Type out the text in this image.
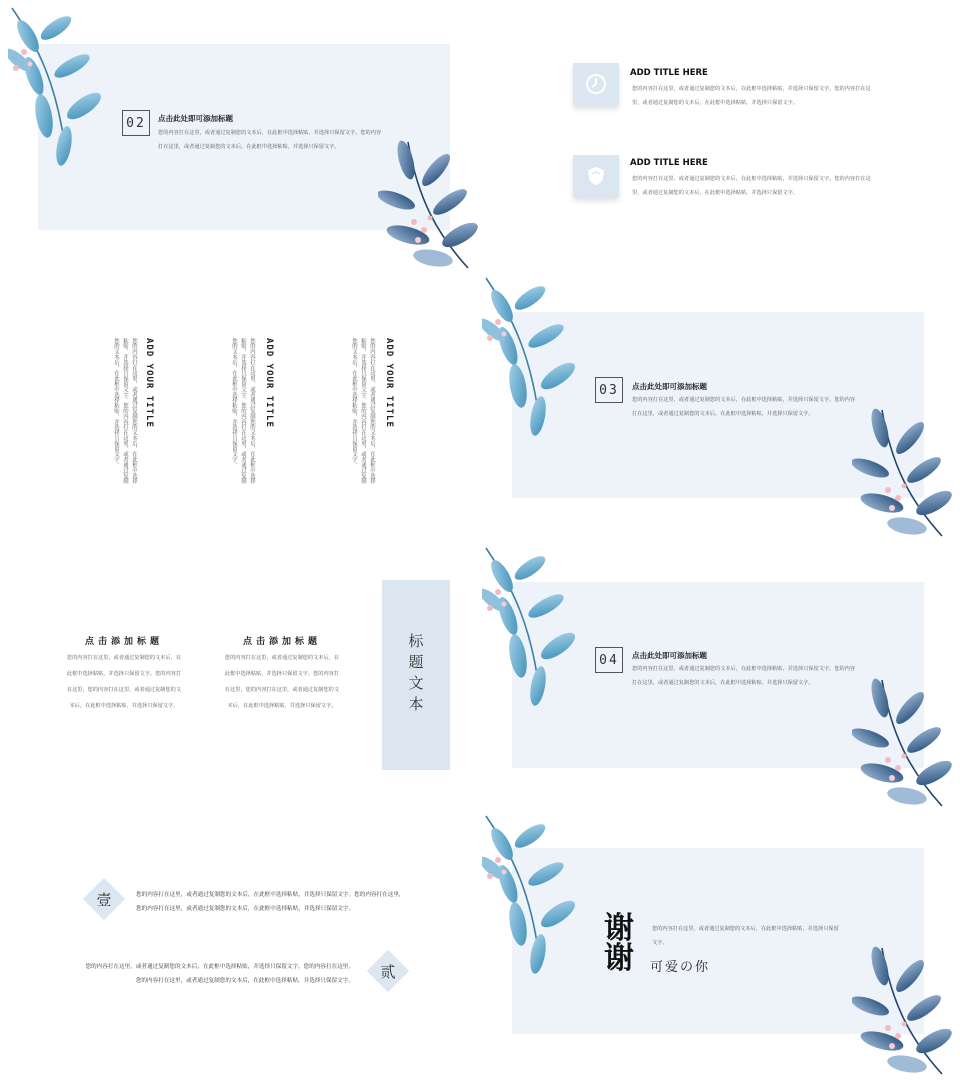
02	点击此处即可添加标题
您的内容打在这里，或者通过复制您的文本后，在此框中选择粘贴，并选择只保留文字。您的内容打在这里，或者通过复制您的文本后，在此框中选择粘贴，并选择只保留文字。
ADD TITLE HERE
您的内容打在这里，或者通过复制您的文本后，在此框中选择粘贴，并选择只保留文字。您的内容打在这里，或者通过复制您的文本后，在此框中选择粘贴，并选择只保留文字。
ADD TITLE HERE
您的内容打在这里，或者通过复制您的文本后，在此框中选择粘贴，并选择只保留文字。您的内容打在这里，或者通过复制您的文本后，在此框中选择粘贴，并选择只保留文字。
ADD YOUR TITLE
您的内容打在这里，或者通过复制您的文本后，在此框中选择粘贴，并选择只保留文字。您的内容打在这里，或者通过复制您的文本后，在此框中选择粘贴，并选择只保留文字。	ADD YOUR TITLE
您的内容打在这里，或者通过复制您的文本后，在此框中选择粘贴，并选择只保留文字。您的内容打在这里，或者通过复制您的文本后，在此框中选择粘贴，并选择只保留文字。	ADD YOUR TITLE
您的内容打在这里，或者通过复制您的文本后，在此框中选择粘贴，并选择只保留文字。您的内容打在这里，或者通过复制您的文本后，在此框中选择粘贴，并选择只保留文字。	03	点击此处即可添加标题
您的内容打在这里，或者通过复制您的文本后，在此框中选择粘贴，并选择只保留文字。您的内容打在这里，或者通过复制您的文本后，在此框中选择粘贴，并选择只保留文字。
点击添加标题
您的内容打在这里，或者通过复制您的文本后，在此框中选择粘贴，并选择只保留文字。您的内容打在这里，您的内容打在这里，或者通过复制您的文本后，在此框中选择粘贴，并选择只保留文字。
点击添加标题
您的内容打在这里，或者通过复制您的文本后，在此框中选择粘贴，并选择只保留文字。您的内容打在这里，您的内容打在这里，或者通过复制您的文本后，在此框中选择粘贴，并选择只保留文字。	标题文本	04	点击此处即可添加标题
您的内容打在这里，或者通过复制您的文本后，在此框中选择粘贴，并选择只保留文字。您的内容打在这里，或者通过复制您的文本后，在此框中选择粘贴，并选择只保留文字。
壹	您的内容打在这里，或者通过复制您的文本后，在此框中选择粘贴，并选择只保留文字。您的内容打在这里，您的内容打在这里，或者通过复制您的文本后，在此框中选择粘贴，并选择只保留文字。
您的内容打在这里，或者通过复制您的文本后，在此框中选择粘贴，并选择只保留文字。您的内容打在这里，您的内容打在这里，或者通过复制您的文本后，在此框中选择粘贴，并选择只保留文字。
贰
谢谢
您的内容打在这里，或者通过复制您的文本后，在此框中选择粘贴，并选择只保留文字。
可爱の你
